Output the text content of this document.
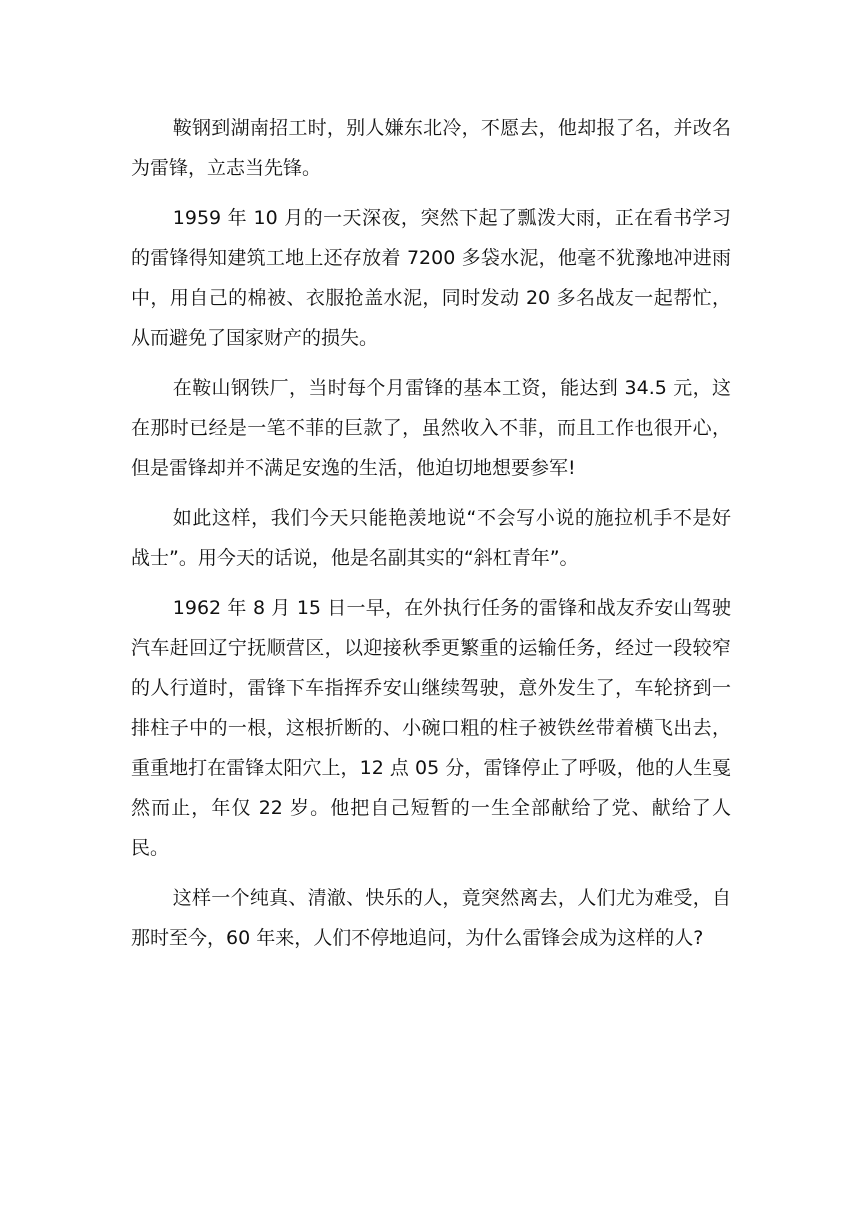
鞍钢到湖南招工时，别人嫌东北冷，不愿去，他却报了名，并改名为雷锋，立志当先锋。

1959 年 10 月的一天深夜，突然下起了瓢泼大雨，正在看书学习的雷锋得知建筑工地上还存放着 7200 多袋水泥，他毫不犹豫地冲进雨中，用自己的棉被、衣服抢盖水泥，同时发动 20 多名战友一起帮忙，从而避免了国家财产的损失。

在鞍山钢铁厂，当时每个月雷锋的基本工资，能达到 34.5 元，这在那时已经是一笔不菲的巨款了，虽然收入不菲，而且工作也很开心，但是雷锋却并不满足安逸的生活，他迫切地想要参军!

如此这样，我们今天只能艳羡地说“不会写小说的施拉机手不是好战士”。用今天的话说，他是名副其实的“斜杠青年”。

1962 年 8 月 15 日一早，在外执行任务的雷锋和战友乔安山驾驶汽车赶回辽宁抚顺营区，以迎接秋季更繁重的运输任务，经过一段较窄的人行道时，雷锋下车指挥乔安山继续驾驶，意外发生了，车轮挤到一排柱子中的一根，这根折断的、小碗口粗的柱子被铁丝带着横飞出去，重重地打在雷锋太阳穴上，12 点 05 分，雷锋停止了呼吸，他的人生戛然而止，年仅 22 岁。他把自己短暂的一生全部献给了党、献给了人民。

这样一个纯真、清澈、快乐的人，竟突然离去，人们尤为难受，自那时至今，60 年来，人们不停地追问，为什么雷锋会成为这样的人?
